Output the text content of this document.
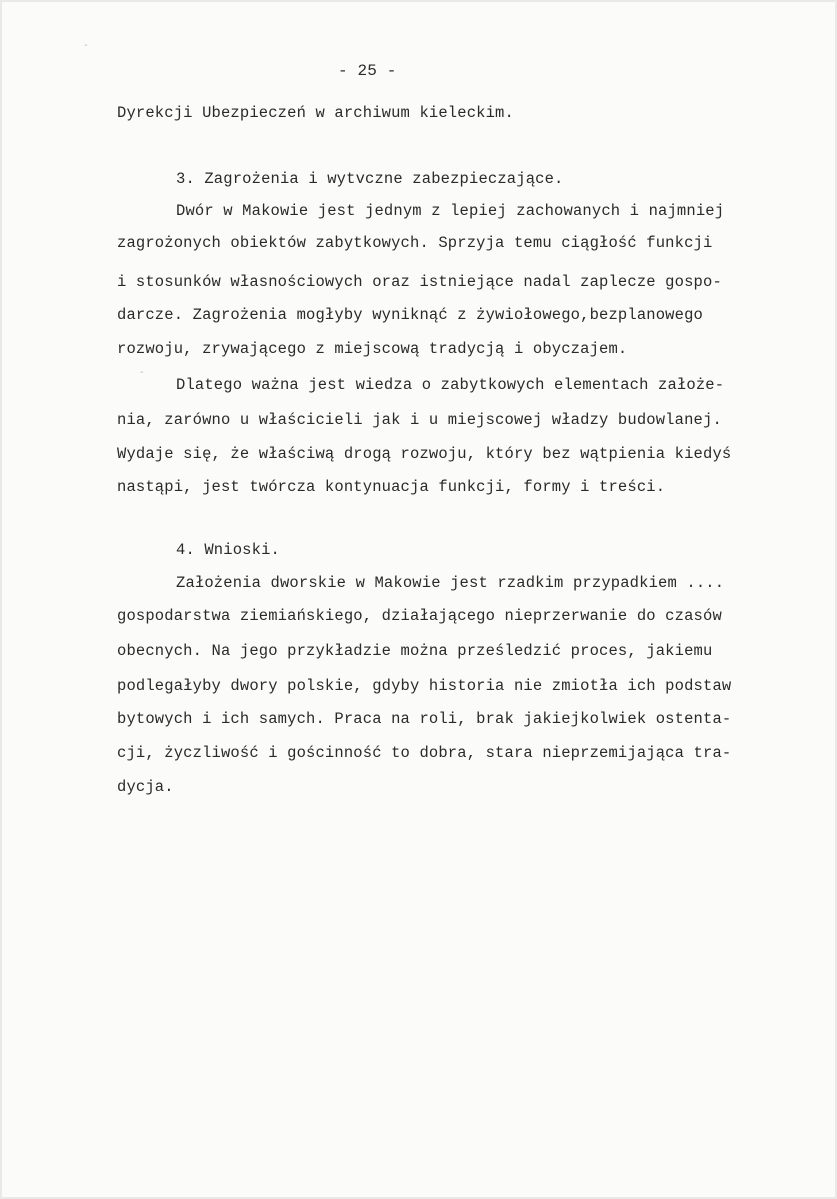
- 25 -
Dyrekcji Ubezpieczeń w archiwum kieleckim.
3. Zagrożenia i wytvczne zabezpieczające.
Dwór w Makowie jest jednym z lepiej zachowanych i najmniej
zagrożonych obiektów zabytkowych. Sprzyja temu ciągłość funkcji
i stosunków własnościowych oraz istniejące nadal zaplecze gospo-
darcze. Zagrożenia mogłyby wyniknąć z żywiołowego,bezplanowego
rozwoju, zrywającego z miejscową tradycją i obyczajem.
Dlatego ważna jest wiedza o zabytkowych elementach założe-
nia, zarówno u właścicieli jak i u miejscowej władzy budowlanej.
Wydaje się, że właściwą drogą rozwoju, który bez wątpienia kiedyś
nastąpi, jest twórcza kontynuacja funkcji, formy i treści.
4. Wnioski.
Założenia dworskie w Makowie jest rzadkim przypadkiem ....
gospodarstwa ziemiańskiego, działającego nieprzerwanie do czasów
obecnych. Na jego przykładzie można prześledzić proces, jakiemu
podlegałyby dwory polskie, gdyby historia nie zmiotła ich podstaw
bytowych i ich samych. Praca na roli, brak jakiejkolwiek ostenta-
cji, życzliwość i gościnność to dobra, stara nieprzemijająca tra-
dycja.
-
-
